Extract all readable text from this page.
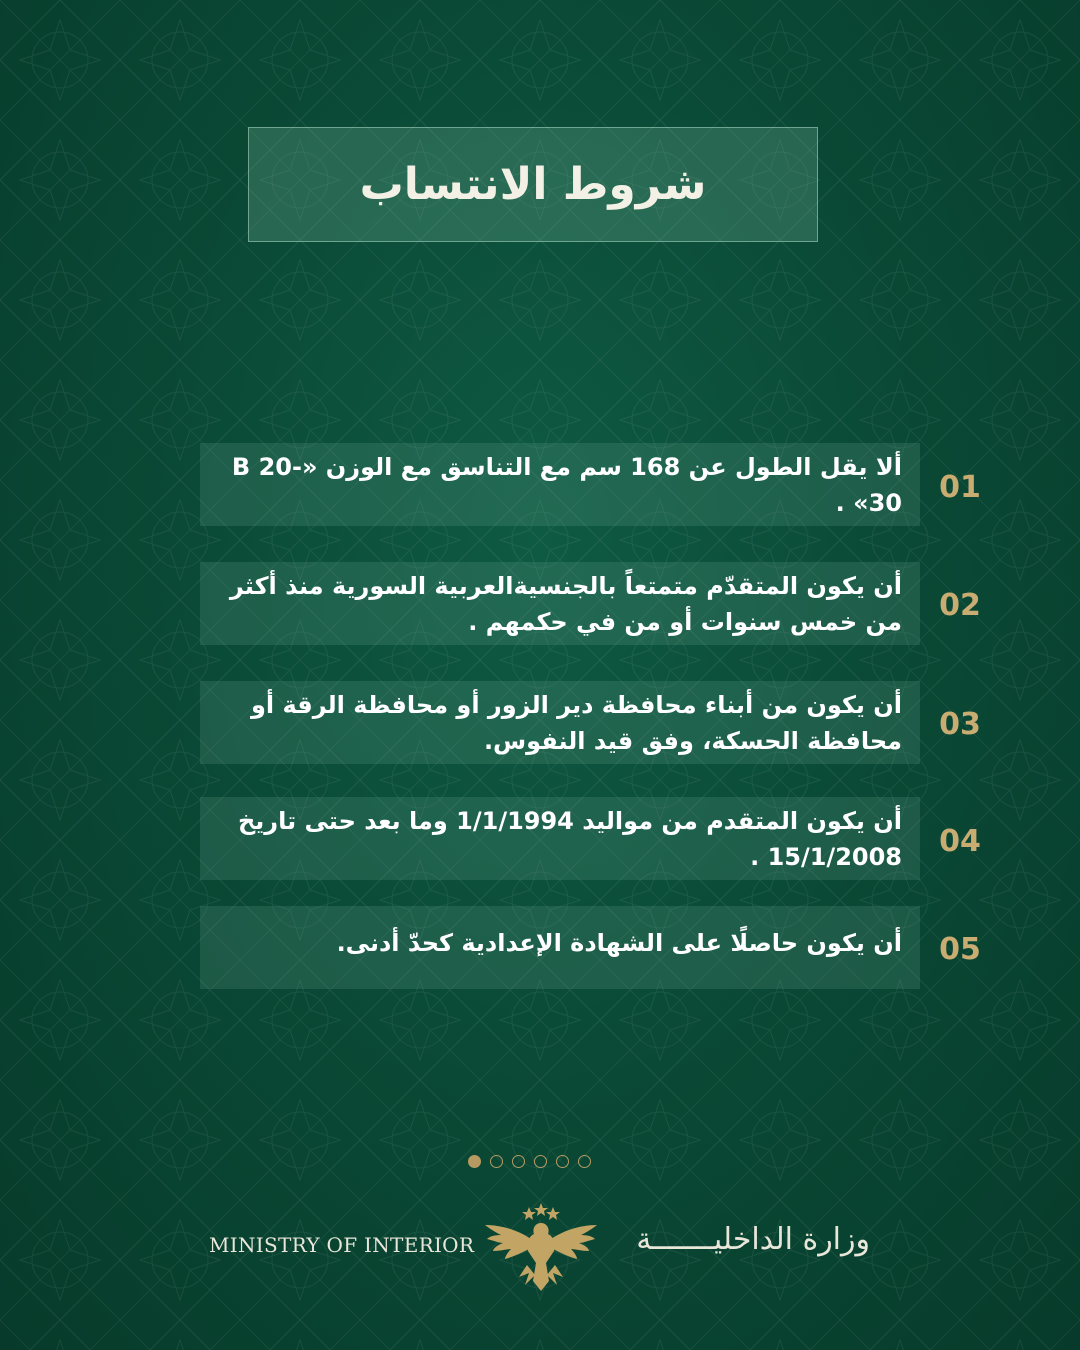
شروط الانتساب
ألا يقل الطول عن 168 سم مع التناسق مع الوزن «B 20-30» .	01
أن يكون المتقدّم متمتعاً بالجنسيةالعربية السورية منذ أكثر من خمس سنوات أو من في حكمهم .	02
أن يكون من أبناء محافظة دير الزور أو محافظة الرقة أو محافظة الحسكة، وفق قيد النفوس.	03
أن يكون المتقدم من مواليد 1/1/1994 وما بعد حتى تاريخ 15/1/2008 .	04
أن يكون حاصلًا على الشهادة الإعدادية كحدّ أدنى.	05
MINISTRY OF INTERIOR	وزارة الداخليـــــــة
